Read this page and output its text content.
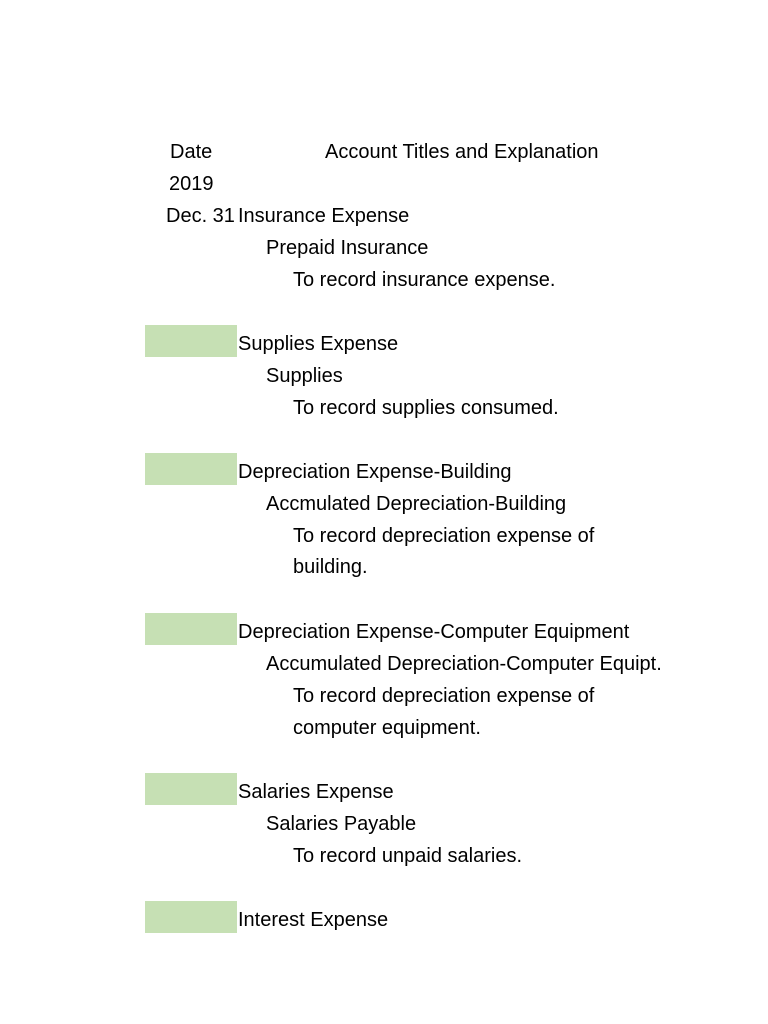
Date	Account Titles and Explanation
2019
Dec. 31 Insurance Expense
Prepaid Insurance
To record insurance expense.
Supplies Expense
Supplies
To record supplies consumed.
Depreciation Expense-Building
Accmulated Depreciation-Building
To record depreciation expense of
building.
Depreciation Expense-Computer Equipment
Accumulated Depreciation-Computer Equipt.
To record depreciation expense of
computer equipment.
Salaries Expense
Salaries Payable
To record unpaid salaries.
Interest Expense
